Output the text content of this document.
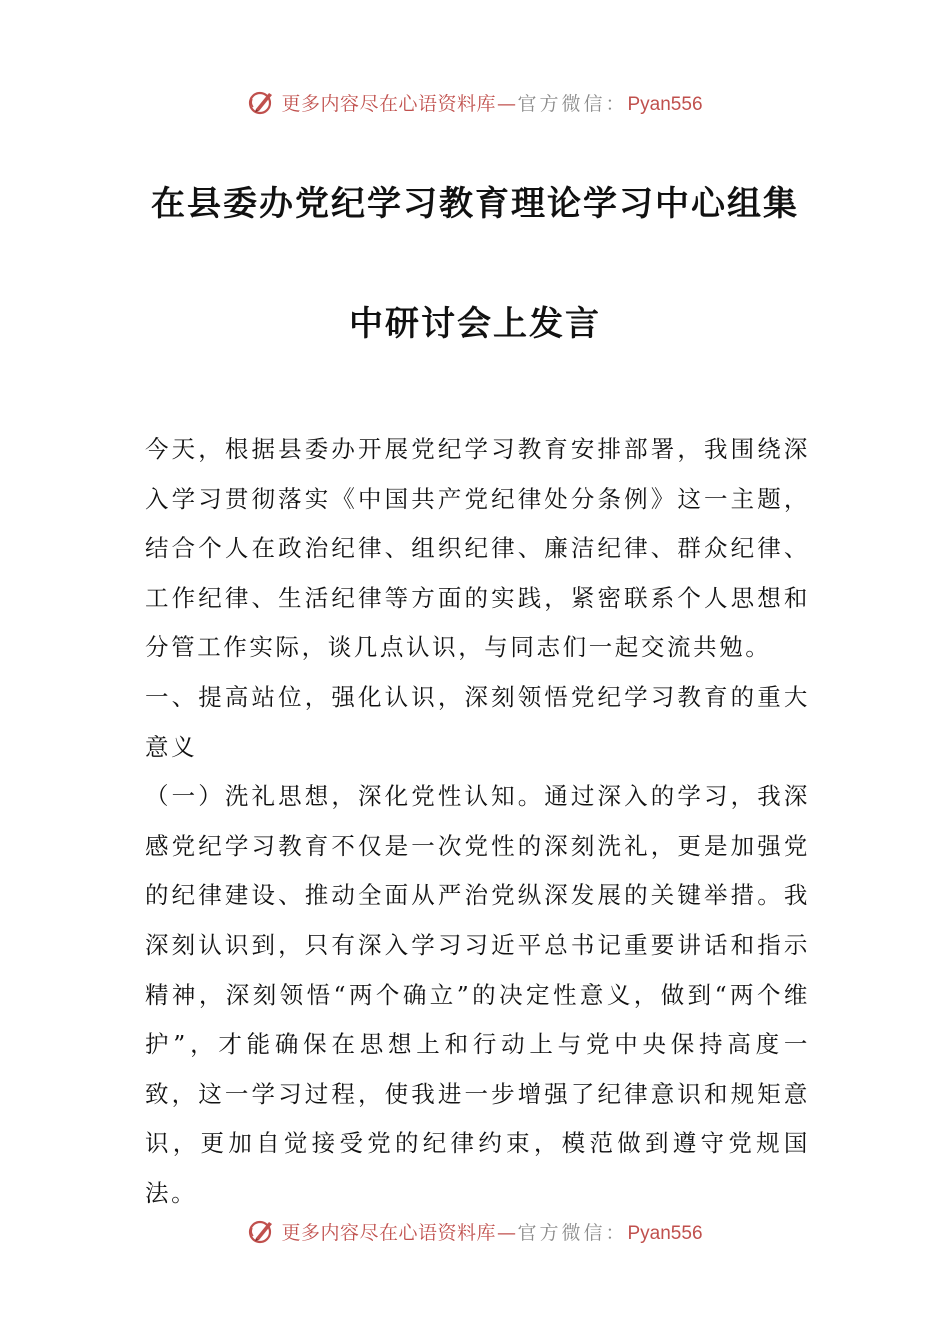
更多内容尽在心语资料库—官方微信：Pyan556
在县委办党纪学习教育理论学习中心组集
中研讨会上发言

今天，根据县委办开展党纪学习教育安排部署，我围绕深入学习贯彻落实《中国共产党纪律处分条例》这一主题，结合个人在政治纪律、组织纪律、廉洁纪律、群众纪律、工作纪律、生活纪律等方面的实践，紧密联系个人思想和分管工作实际，谈几点认识，与同志们一起交流共勉。

一、提高站位，强化认识，深刻领悟党纪学习教育的重大意义

（一）洗礼思想，深化党性认知。通过深入的学习，我深感党纪学习教育不仅是一次党性的深刻洗礼，更是加强党的纪律建设、推动全面从严治党纵深发展的关键举措。我深刻认识到，只有深入学习习近平总书记重要讲话和指示精神，深刻领悟“两个确立”的决定性意义，做到“两个维护”，才能确保在思想上和行动上与党中央保持高度一致，这一学习过程，使我进一步增强了纪律意识和规矩意识，更加自觉接受党的纪律约束，模范做到遵守党规国法。

更多内容尽在心语资料库—官方微信：Pyan556
